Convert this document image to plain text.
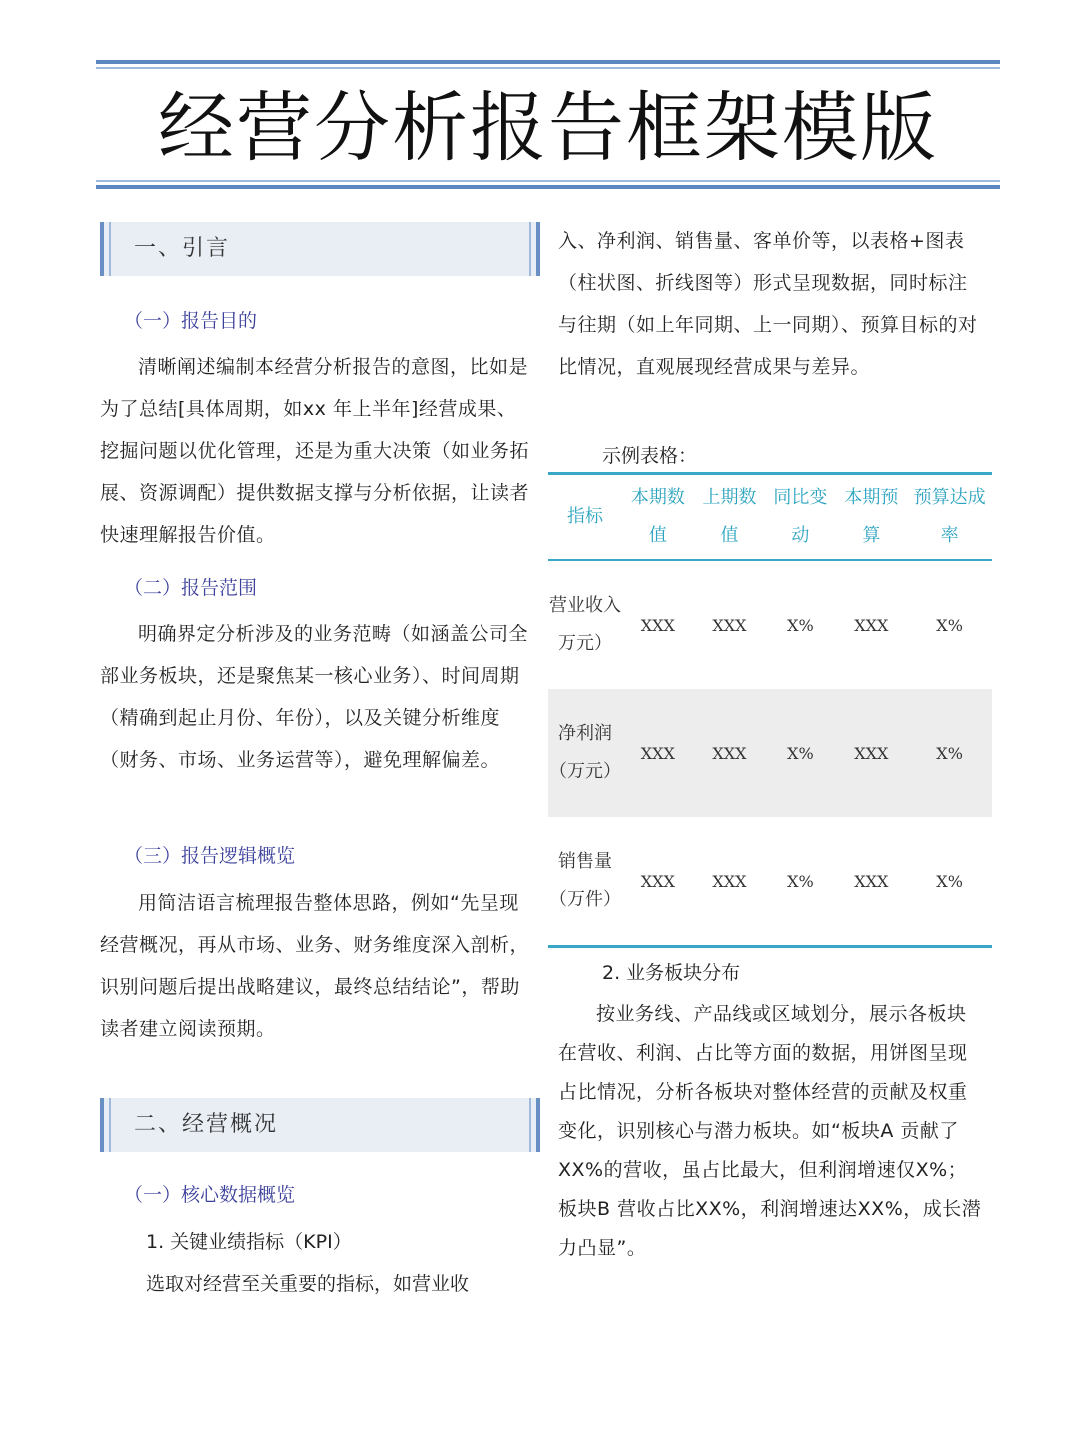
经营分析报告框架模版
一、引言
（一）报告目的
清晰阐述编制本经营分析报告的意图，比如是为了总结[具体周期，如xx 年上半年]经营成果、挖掘问题以优化管理，还是为重大决策（如业务拓展、资源调配）提供数据支撑与分析依据，让读者快速理解报告价值。
（二）报告范围
明确界定分析涉及的业务范畴（如涵盖公司全部业务板块，还是聚焦某一核心业务）、时间周期（精确到起止月份、年份），以及关键分析维度（财务、市场、业务运营等），避免理解偏差。
（三）报告逻辑概览
用简洁语言梳理报告整体思路，例如“先呈现经营概况，再从市场、业务、财务维度深入剖析，识别问题后提出战略建议，最终总结结论”，帮助读者建立阅读预期。
二、经营概况
（一）核心数据概览
1. 关键业绩指标（KPI）
选取对经营至关重要的指标，如营业收
入、净利润、销售量、客单价等，以表格+图表（柱状图、折线图等）形式呈现数据，同时标注与往期（如上年同期、上一同期）、预算目标的对比情况，直观展现经营成果与差异。
示例表格：
指标	本期数值	上期数值	同比变动	本期预算	预算达成率
营业收入万元）	XXX	XXX	X%	XXX	X%
净利润（万元）	XXX	XXX	X%	XXX	X%
销售量（万件）	XXX	XXX	X%	XXX	X%
2. 业务板块分布
按业务线、产品线或区域划分，展示各板块在营收、利润、占比等方面的数据，用饼图呈现占比情况，分析各板块对整体经营的贡献及权重变化，识别核心与潜力板块。如“板块A 贡献了XX%的营收，虽占比最大，但利润增速仅X%；板块B 营收占比XX%，利润增速达XX%，成长潜力凸显”。
